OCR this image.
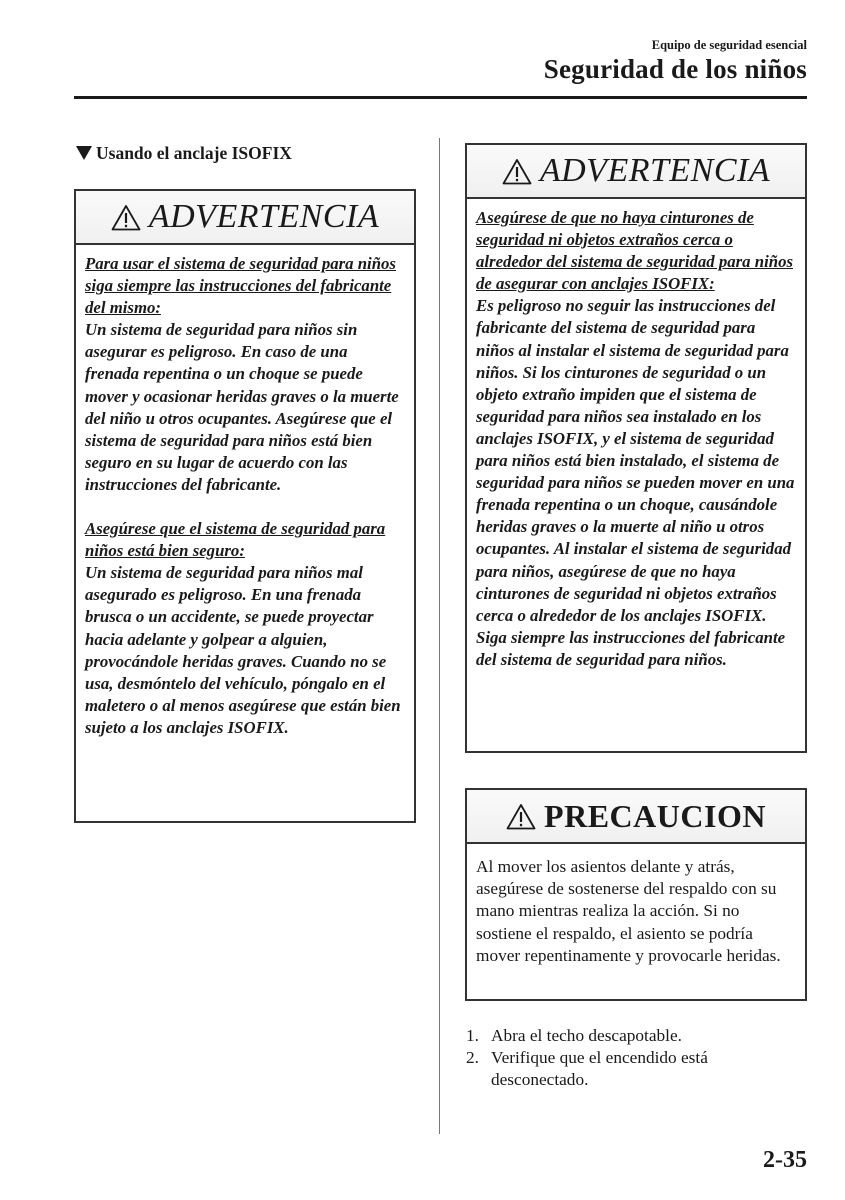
Equipo de seguridad esencial
Seguridad de los niños
Usando el anclaje ISOFIX
ADVERTENCIA

Para usar el sistema de seguridad para niños siga siempre las instrucciones del fabricante del mismo:

Un sistema de seguridad para niños sin asegurar es peligroso. En caso de una frenada repentina o un choque se puede mover y ocasionar heridas graves o la muerte del niño u otros ocupantes. Asegúrese que el sistema de seguridad para niños está bien seguro en su lugar de acuerdo con las instrucciones del fabricante.

Asegúrese que el sistema de seguridad para niños está bien seguro:

Un sistema de seguridad para niños mal asegurado es peligroso. En una frenada brusca o un accidente, se puede proyectar hacia adelante y golpear a alguien, provocándole heridas graves. Cuando no se usa, desmóntelo del vehículo, póngalo en el maletero o al menos asegúrese que están bien sujeto a los anclajes ISOFIX.

ADVERTENCIA

Asegúrese de que no haya cinturones de seguridad ni objetos extraños cerca o alrededor del sistema de seguridad para niños de asegurar con anclajes ISOFIX:

Es peligroso no seguir las instrucciones del fabricante del sistema de seguridad para niños al instalar el sistema de seguridad para niños. Si los cinturones de seguridad o un objeto extraño impiden que el sistema de seguridad para niños sea instalado en los anclajes ISOFIX, y el sistema de seguridad para niños está bien instalado, el sistema de seguridad para niños se pueden mover en una frenada repentina o un choque, causándole heridas graves o la muerte al niño u otros ocupantes. Al instalar el sistema de seguridad para niños, asegúrese de que no haya cinturones de seguridad ni objetos extraños cerca o alrededor de los anclajes ISOFIX. Siga siempre las instrucciones del fabricante del sistema de seguridad para niños.

PRECAUCION

Al mover los asientos delante y atrás, asegúrese de sostenerse del respaldo con su mano mientras realiza la acción. Si no sostiene el respaldo, el asiento se podría mover repentinamente y provocarle heridas.

1. Abra el techo descapotable.
2. Verifique que el encendido está desconectado.
2-35
